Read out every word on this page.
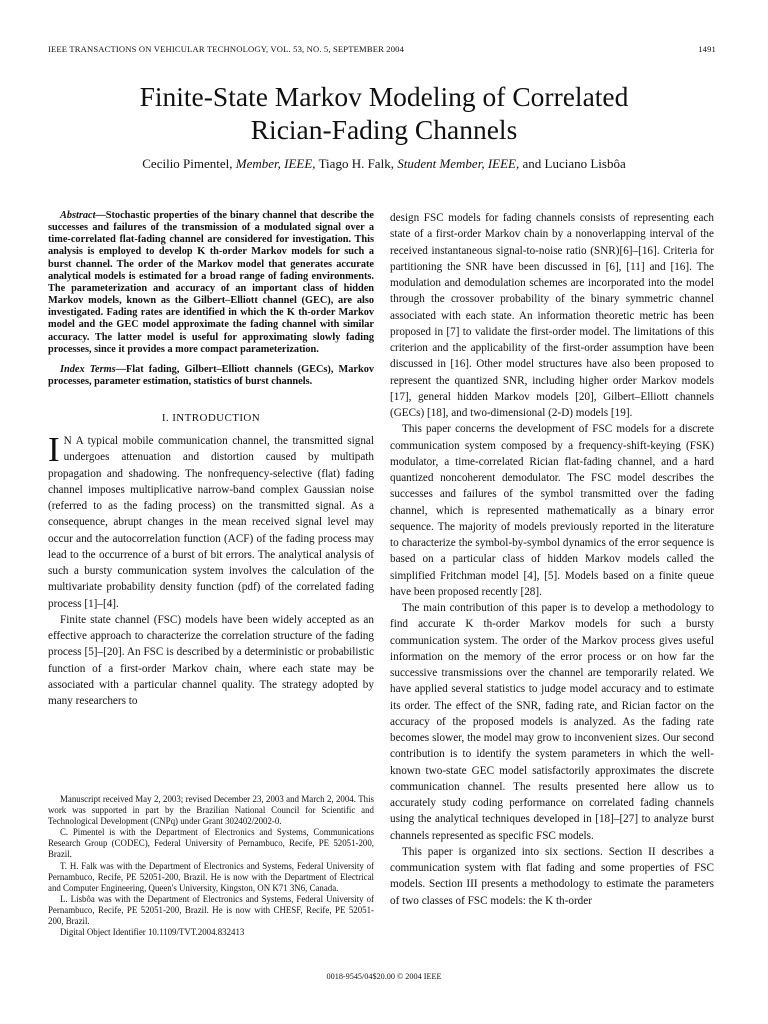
IEEE TRANSACTIONS ON VEHICULAR TECHNOLOGY, VOL. 53, NO. 5, SEPTEMBER 2004	1491
Finite-State Markov Modeling of Correlated
Rician-Fading Channels
Cecilio Pimentel, Member, IEEE, Tiago H. Falk, Student Member, IEEE, and Luciano Lisbôa

Abstract—Stochastic properties of the binary channel that describe the successes and failures of the transmission of a modulated signal over a time-correlated flat-fading channel are considered for investigation. This analysis is employed to develop K th-order Markov models for such a burst channel. The order of the Markov model that generates accurate analytical models is estimated for a broad range of fading environments. The parameterization and accuracy of an important class of hidden Markov models, known as the Gilbert–Elliott channel (GEC), are also investigated. Fading rates are identified in which the K th-order Markov model and the GEC model approximate the fading channel with similar accuracy. The latter model is useful for approximating slowly fading processes, since it provides a more compact parameterization.

Index Terms—Flat fading, Gilbert–Elliott channels (GECs), Markov processes, parameter estimation, statistics of burst channels.

I. INTRODUCTION

I N A typical mobile communication channel, the transmitted signal undergoes attenuation and distortion caused by multipath propagation and shadowing. The nonfrequency-selective (flat) fading channel imposes multiplicative narrow-band complex Gaussian noise (referred to as the fading process) on the transmitted signal. As a consequence, abrupt changes in the mean received signal level may occur and the autocorrelation function (ACF) of the fading process may lead to the occurrence of a burst of bit errors. The analytical analysis of such a bursty communication system involves the calculation of the multivariate probability density function (pdf) of the correlated fading process [1]–[4].

Finite state channel (FSC) models have been widely accepted as an effective approach to characterize the correlation structure of the fading process [5]–[20]. An FSC is described by a deterministic or probabilistic function of a first-order Markov chain, where each state may be associated with a particular channel quality. The strategy adopted by many researchers to

Manuscript received May 2, 2003; revised December 23, 2003 and March 2, 2004. This work was supported in part by the Brazilian National Council for Scientific and Technological Development (CNPq) under Grant 302402/2002-0.

C. Pimentel is with the Department of Electronics and Systems, Communications Research Group (CODEC), Federal University of Pernambuco, Recife, PE 52051-200, Brazil.

T. H. Falk was with the Department of Electronics and Systems, Federal University of Pernambuco, Recife, PE 52051-200, Brazil. He is now with the Department of Electrical and Computer Engineering, Queen's University, Kingston, ON K71 3N6, Canada.

L. Lisbôa was with the Department of Electronics and Systems, Federal University of Pernambuco, Recife, PE 52051-200, Brazil. He is now with CHESF, Recife, PE 52051-200, Brazil.

Digital Object Identifier 10.1109/TVT.2004.832413

design FSC models for fading channels consists of representing each state of a first-order Markov chain by a nonoverlapping interval of the received instantaneous signal-to-noise ratio (SNR)[6]–[16]. Criteria for partitioning the SNR have been discussed in [6], [11] and [16]. The modulation and demodulation schemes are incorporated into the model through the crossover probability of the binary symmetric channel associated with each state. An information theoretic metric has been proposed in [7] to validate the first-order model. The limitations of this criterion and the applicability of the first-order assumption have been discussed in [16]. Other model structures have also been proposed to represent the quantized SNR, including higher order Markov models [17], general hidden Markov models [20], Gilbert–Elliott channels (GECs) [18], and two-dimensional (2-D) models [19].

This paper concerns the development of FSC models for a discrete communication system composed by a frequency-shift-keying (FSK) modulator, a time-correlated Rician flat-fading channel, and a hard quantized noncoherent demodulator. The FSC model describes the successes and failures of the symbol transmitted over the fading channel, which is represented mathematically as a binary error sequence. The majority of models previously reported in the literature to characterize the symbol-by-symbol dynamics of the error sequence is based on a particular class of hidden Markov models called the simplified Fritchman model [4], [5]. Models based on a finite queue have been proposed recently [28].

The main contribution of this paper is to develop a methodology to find accurate K th-order Markov models for such a bursty communication system. The order of the Markov process gives useful information on the memory of the error process or on how far the successive transmissions over the channel are temporarily related. We have applied several statistics to judge model accuracy and to estimate its order. The effect of the SNR, fading rate, and Rician factor on the accuracy of the proposed models is analyzed. As the fading rate becomes slower, the model may grow to inconvenient sizes. Our second contribution is to identify the system parameters in which the well-known two-state GEC model satisfactorily approximates the discrete communication channel. The results presented here allow us to accurately study coding performance on correlated fading channels using the analytical techniques developed in [18]–[27] to analyze burst channels represented as specific FSC models.

This paper is organized into six sections. Section II describes a communication system with flat fading and some properties of FSC models. Section III presents a methodology to estimate the parameters of two classes of FSC models: the K th-order

0018-9545/04$20.00 © 2004 IEEE
